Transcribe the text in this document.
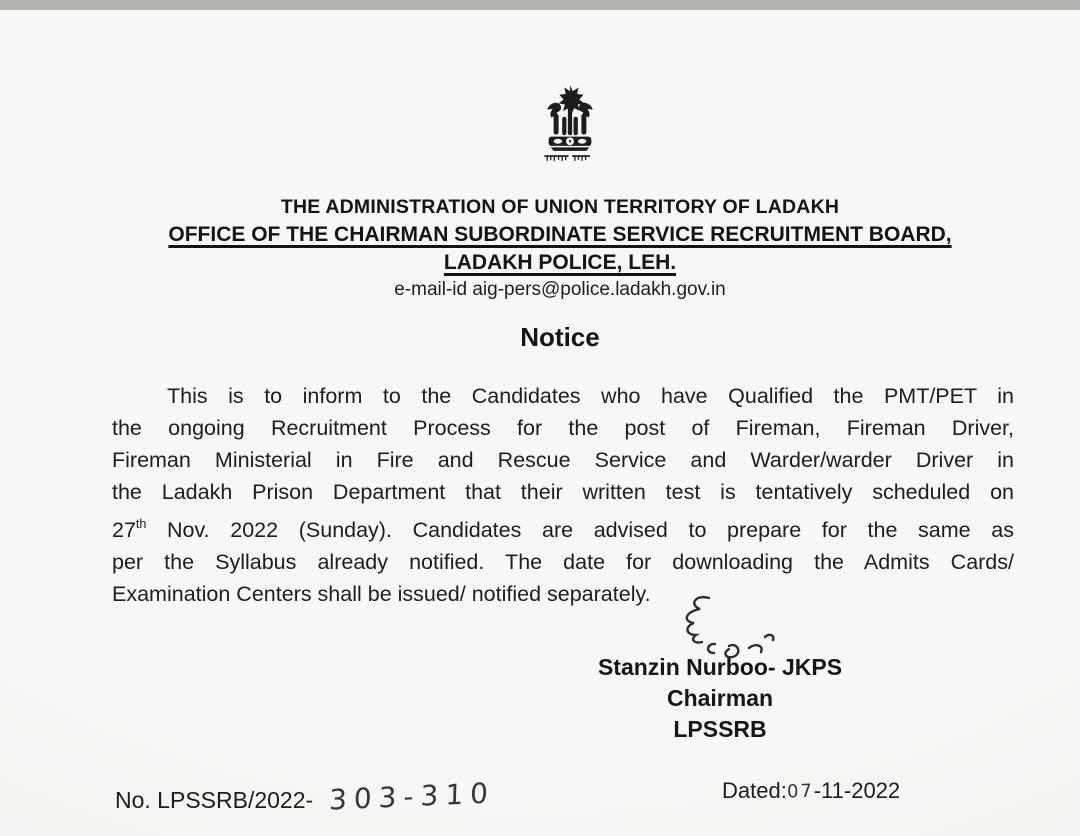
THE ADMINISTRATION OF UNION TERRITORY OF LADAKH
OFFICE OF THE CHAIRMAN SUBORDINATE SERVICE RECRUITMENT BOARD,
LADAKH POLICE, LEH.
e-mail-id aig-pers@police.ladakh.gov.in
Notice
This is to inform to the Candidates who have Qualified the PMT/PET in
the ongoing Recruitment Process for the post of Fireman, Fireman Driver,
Fireman Ministerial in Fire and Rescue Service and Warder/warder Driver in
the Ladakh Prison Department that their written test is tentatively scheduled on
27th Nov. 2022 (Sunday). Candidates are advised to prepare for the same as
per the Syllabus already notified. The date for downloading the Admits Cards/
Examination Centers shall be issued/ notified separately.
Stanzin Nurboo- JKPS
Chairman
LPSSRB
No. LPSSRB/2022- 303-310	Dated:07-11-2022
